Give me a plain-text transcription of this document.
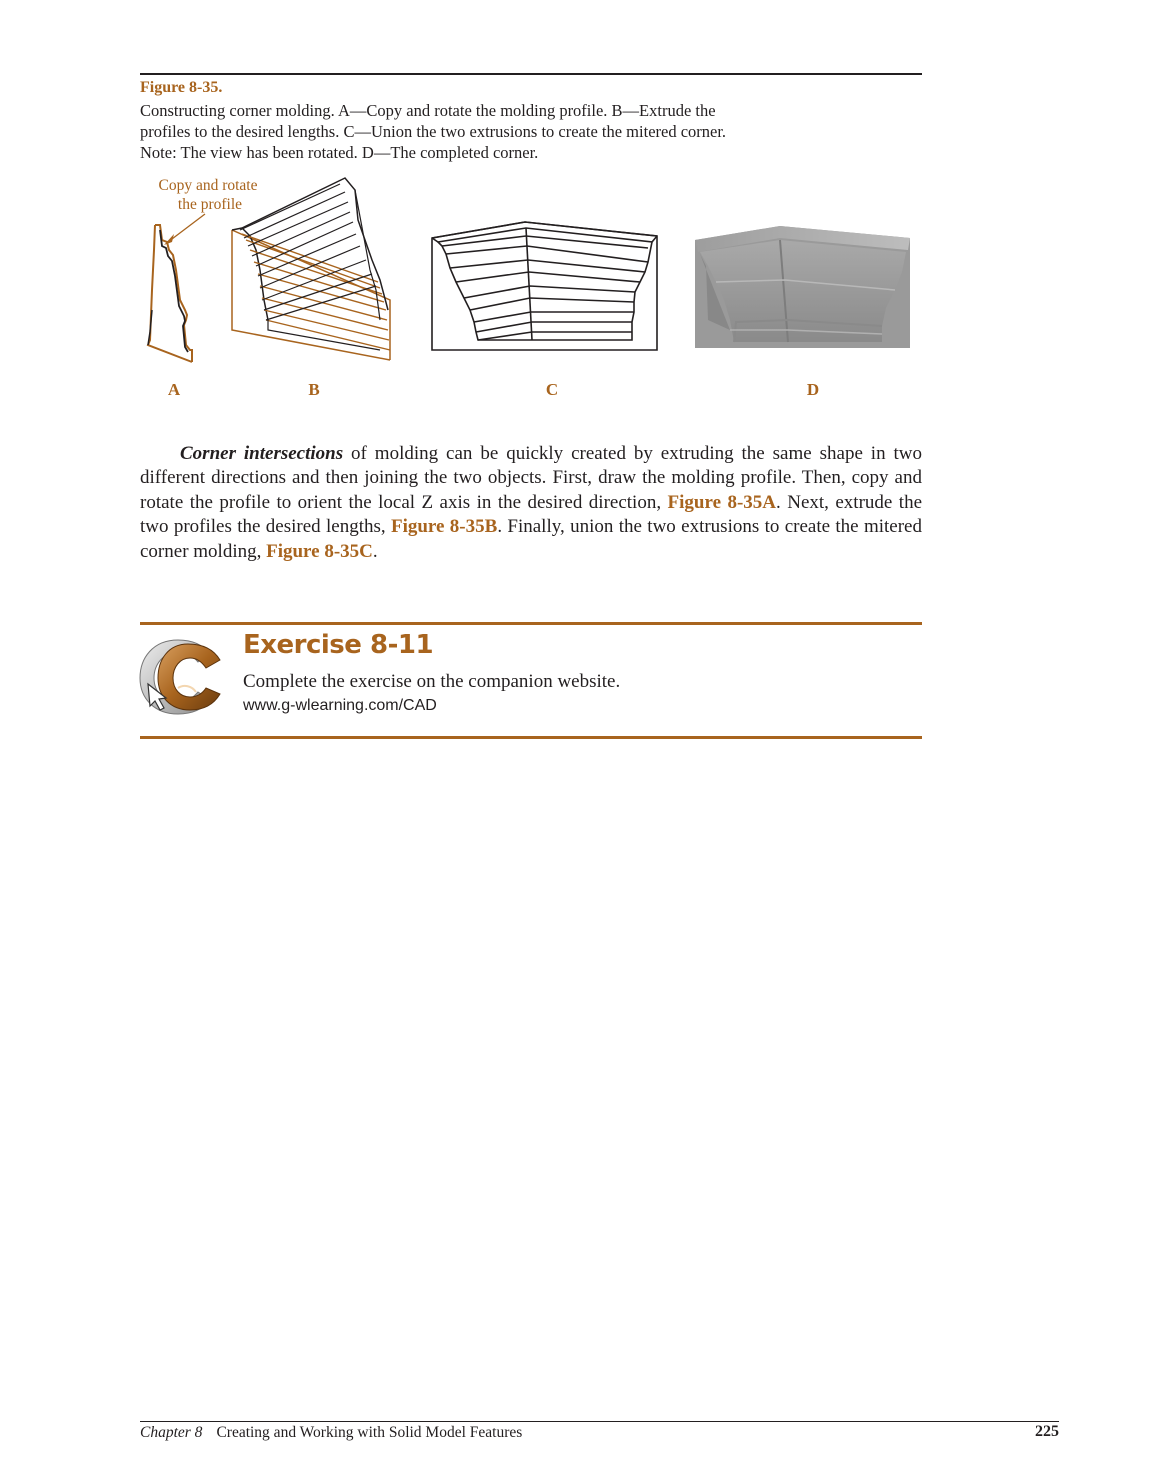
Figure 8-35.
Constructing corner molding. A—Copy and rotate the molding profile. B—Extrude the
profiles to the desired lengths. C—Union the two extrusions to create the mitered corner.
Note: The view has been rotated. D—The completed corner.
Copy and rotate
the profile
A	B	C	D

Corner intersections of molding can be quickly created by extruding the same shape in two different directions and then joining the two objects. First, draw the molding profile. Then, copy and rotate the profile to orient the local Z axis in the desired direction, Figure 8-35A. Next, extrude the two profiles the desired lengths, Figure 8-35B. Finally, union the two extrusions to create the mitered corner molding, Figure 8-35C.

Exercise 8-11
Complete the exercise on the companion website.
www.g-wlearning.com/CAD
Chapter 8 Creating and Working with Solid Model Features	225
